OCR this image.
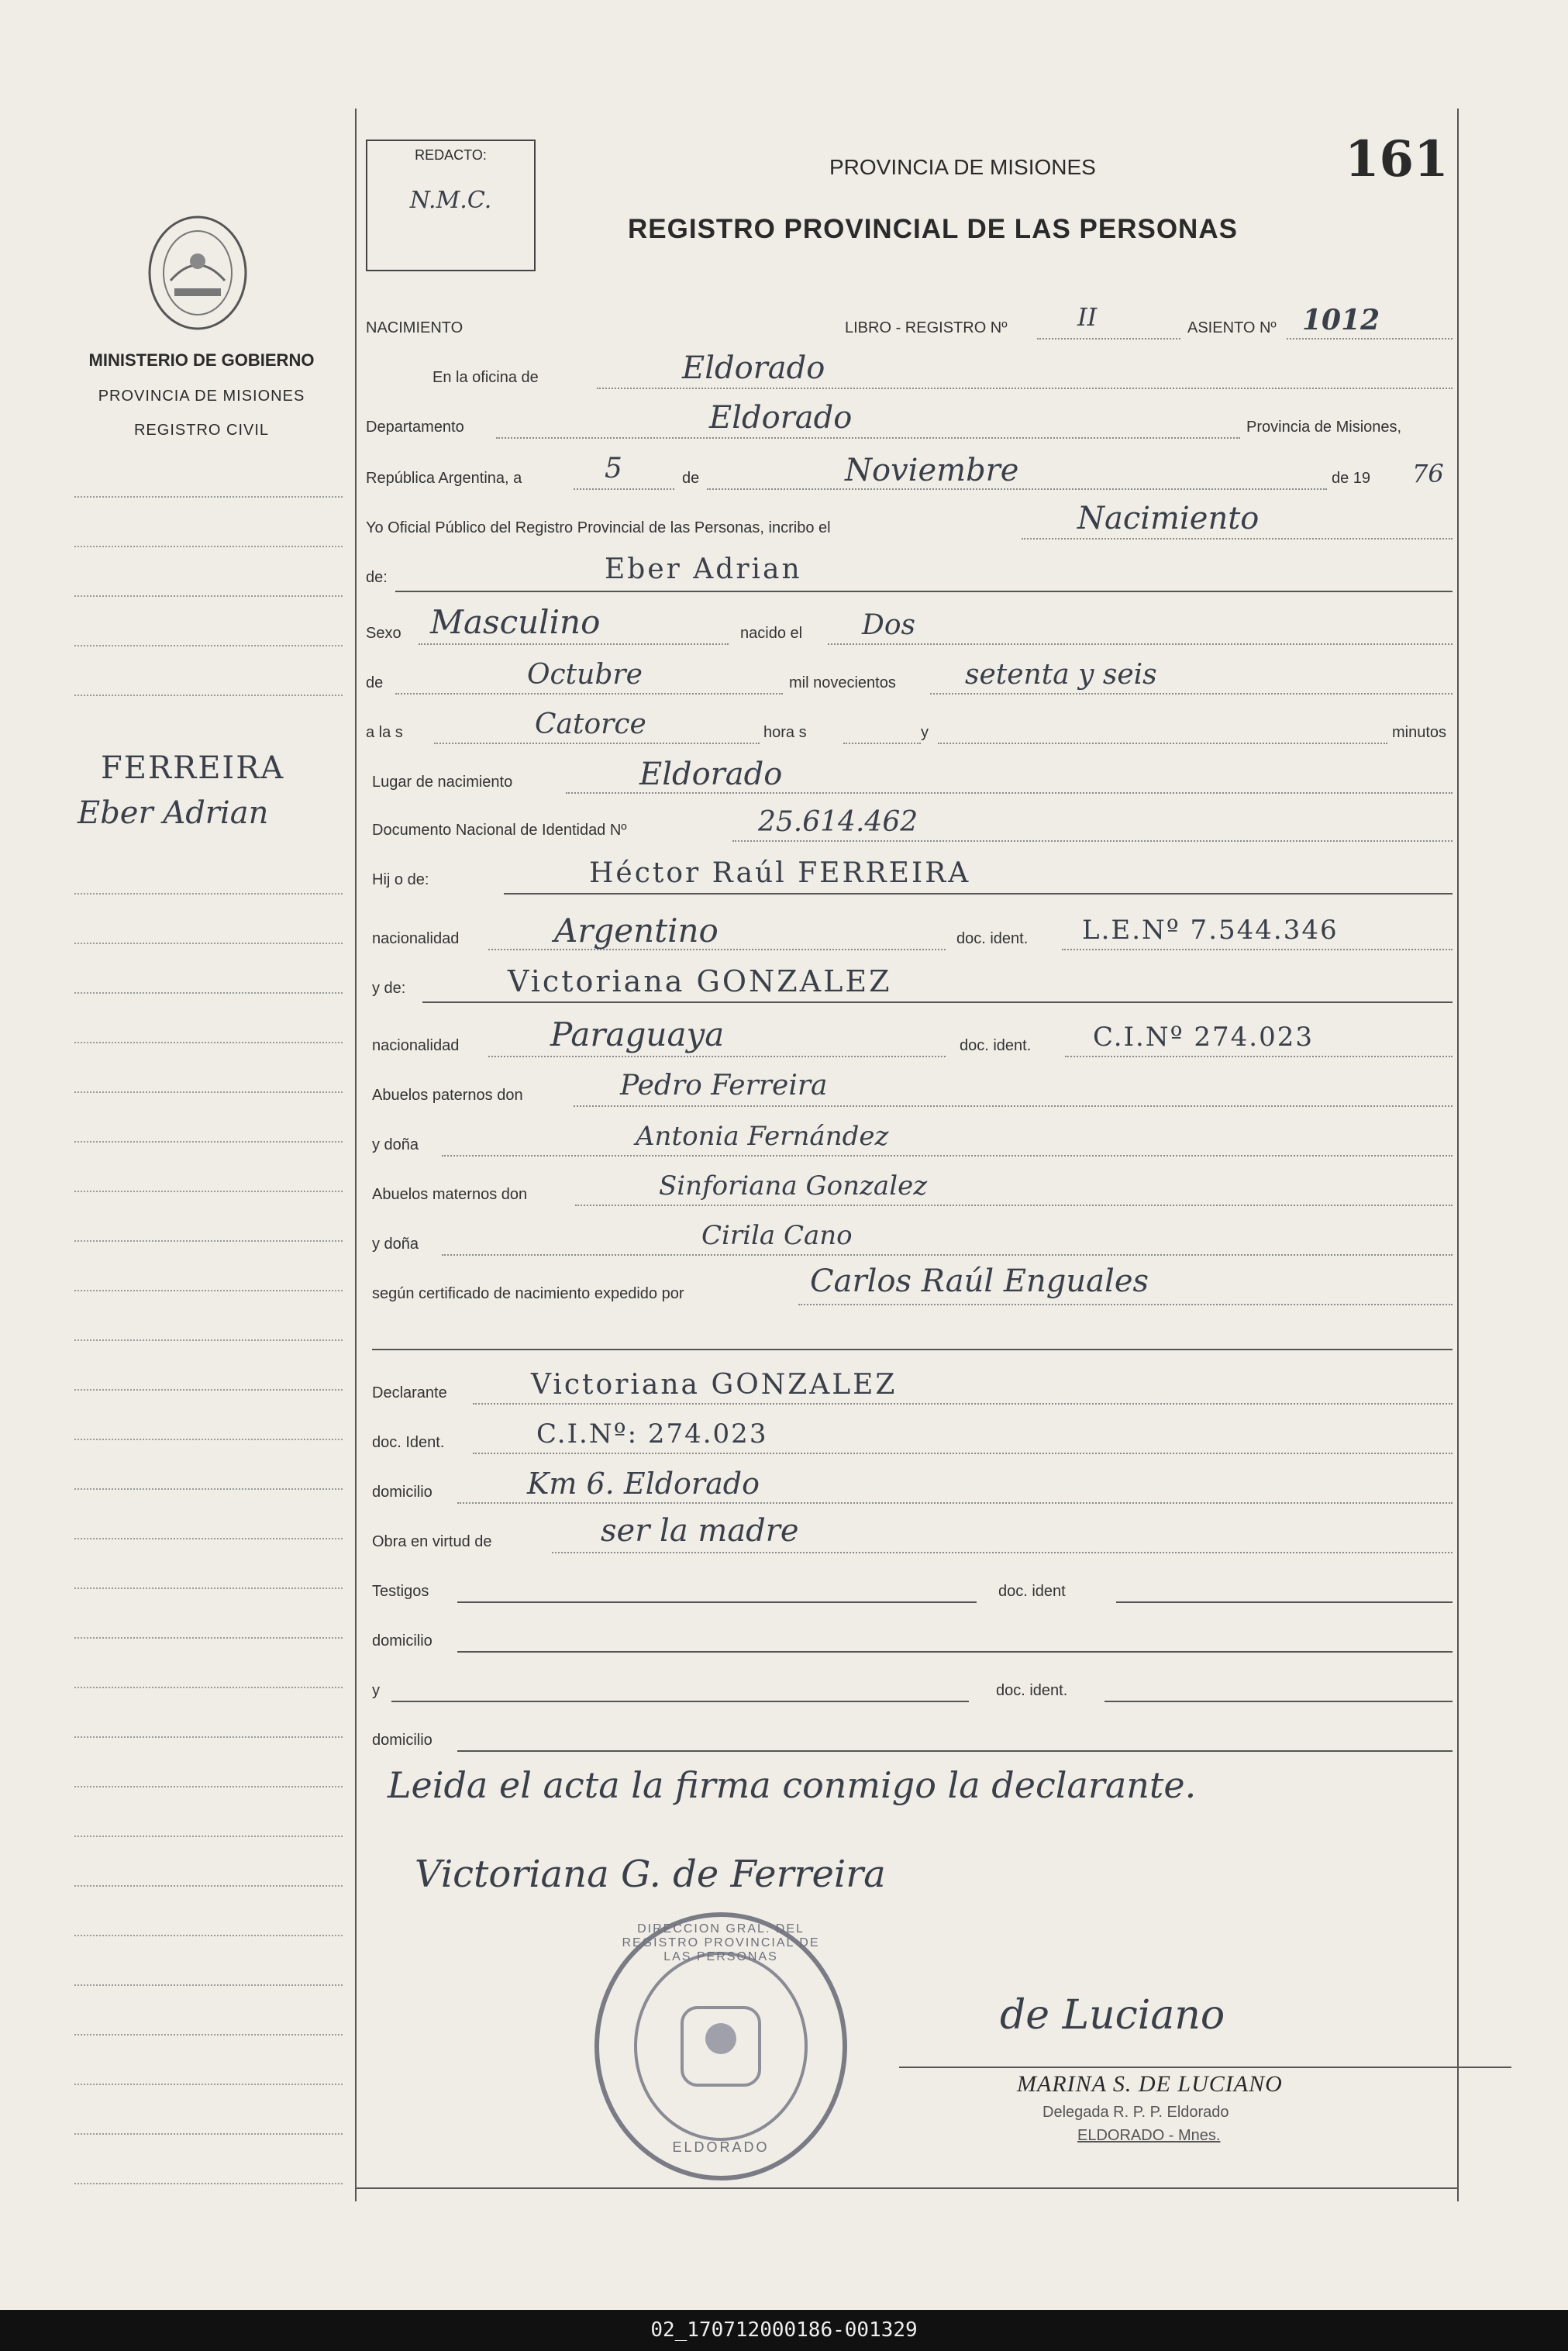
MINISTERIO DE GOBIERNO
PROVINCIA DE MISIONES
REGISTRO CIVIL
FERREIRA
Eber Adrian
REDACTO:
N.M.C.
PROVINCIA DE MISIONES	161
REGISTRO PROVINCIAL DE LAS PERSONAS
NACIMIENTO	LIBRO - REGISTRO Nº	II	ASIENTO Nº 1012
En la oficina de	Eldorado
Departamento	Eldorado	Provincia de Misiones,
República Argentina, a	5	de	Noviembre	de 19 76
Yo Oficial Público del Registro Provincial de las Personas, incribo el	Nacimiento
de:	Eber Adrian
Sexo Masculino	nacido el Dos
de	Octubre	mil novecientos setenta y seis
a la s	Catorce	hora s	y	minutos
Lugar de nacimiento	Eldorado
Documento Nacional de Identidad Nº	25.614.462
Hij o de:	Héctor Raúl FERREIRA
nacionalidad	Argentino	doc. ident. L.E.Nº 7.544.346
y de:	Victoriana GONZALEZ
nacionalidad	Paraguaya	doc. ident. C.I.Nº 274.023
Abuelos paternos don	Pedro Ferreira
y doña	Antonia Fernández
Abuelos maternos don	Sinforiana Gonzalez
y doña	Cirila Cano
según certificado de nacimiento expedido por	Carlos Raúl Enguales
Declarante	Victoriana GONZALEZ
doc. Ident.	C.I.Nº: 274.023
domicilio	Km 6. Eldorado
Obra en virtud de	ser la madre
Testigos	doc. ident
domicilio
y	doc. ident.
domicilio
Leida el acta la firma conmigo la declarante.
Victoriana G. de Ferreira
DIRECCION GRAL. DEL REGISTRO PROVINCIAL DE LAS PERSONAS
ELDORADO
de Luciano
MARINA S. DE LUCIANO
Delegada R. P. P. Eldorado
ELDORADO - Mnes.
02_170712000186-001329
